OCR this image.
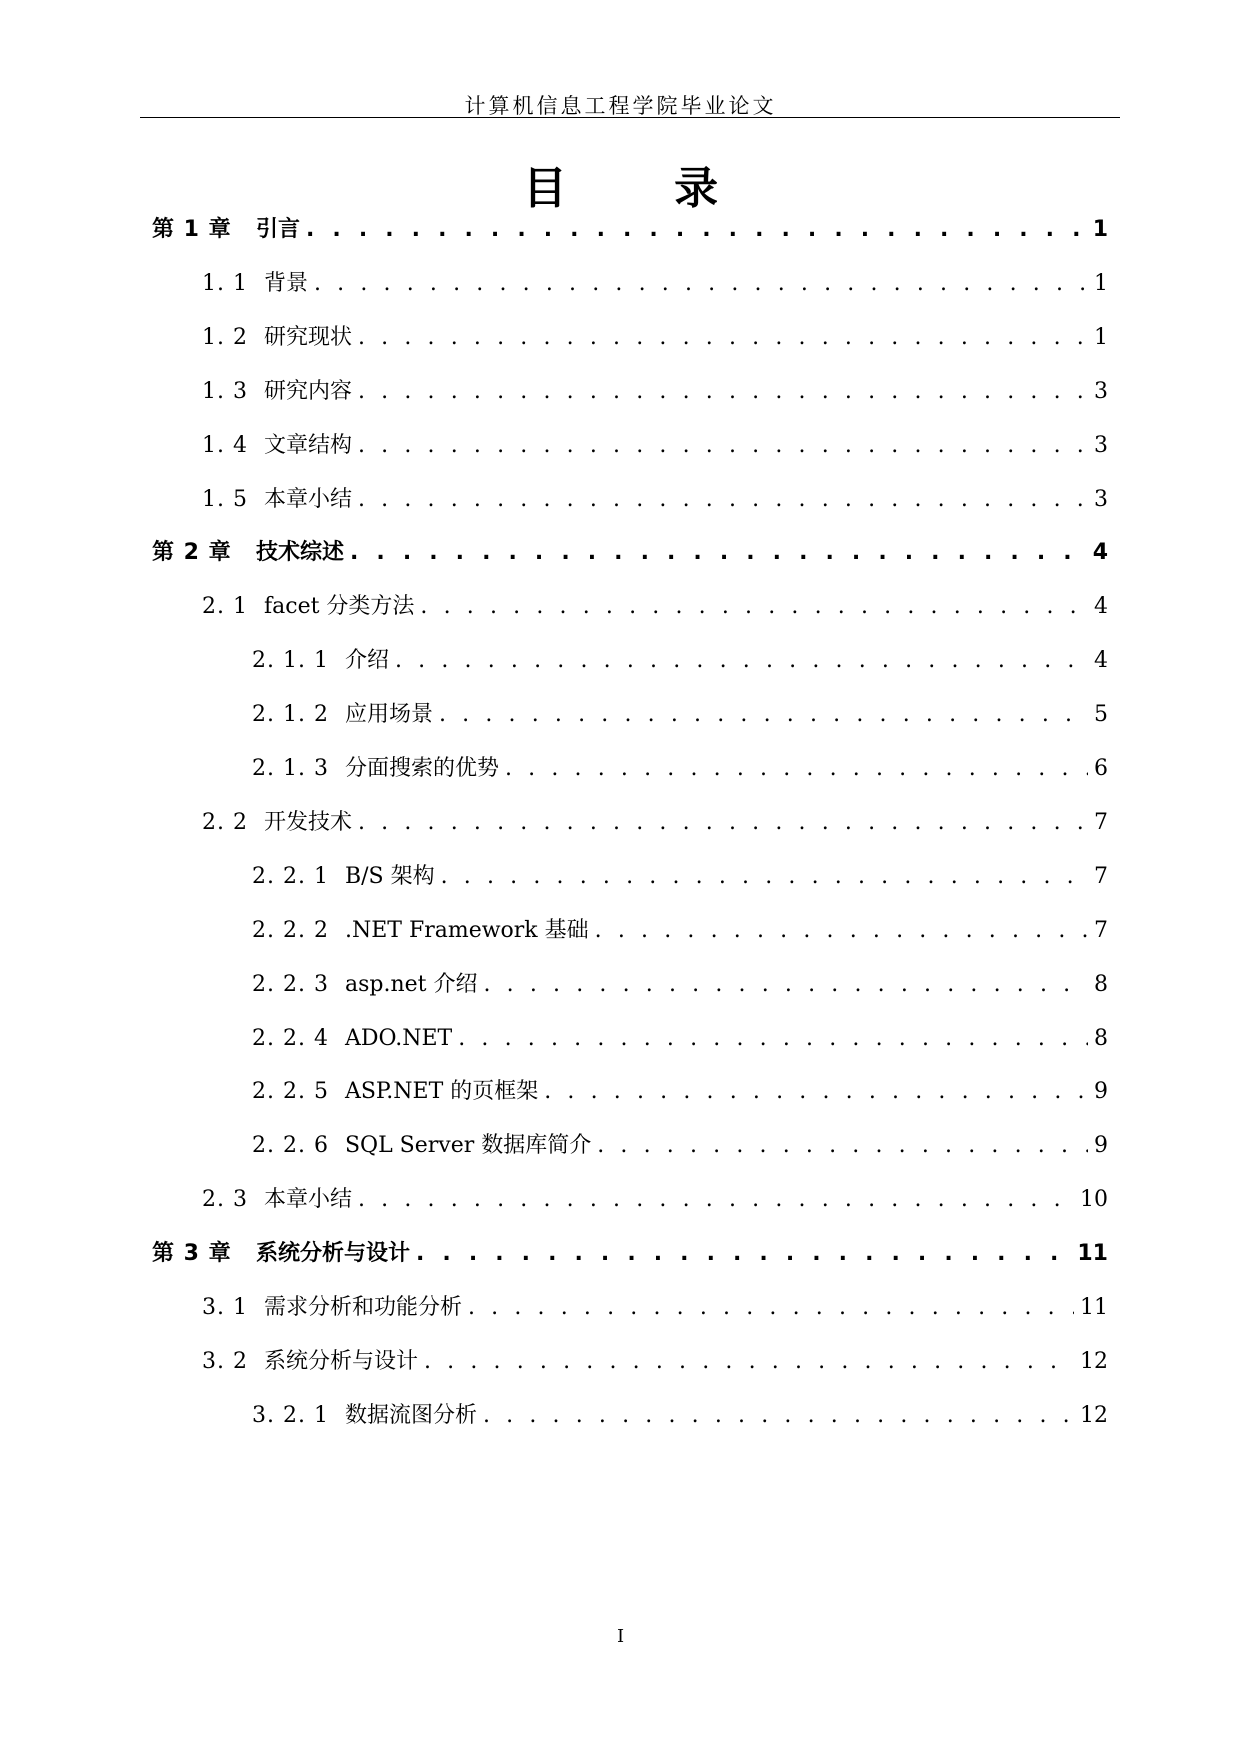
计算机信息工程学院毕业论文
目 录
第 1 章	引言 . . .	1
1. 1 背景 . . .	1
1. 2 研究现状 . . .	1
1. 3 研究内容 . . .	3
1. 4 文章结构 . . .	3
1. 5 本章小结 . . .	3
第 2 章	技术综述 . . .	4
2. 1 facet 分类方法 . . .	4
2. 1. 1 介绍 . . .	4
2. 1. 2 应用场景 . . .	5
2. 1. 3 分面搜索的优势 . . .	6
2. 2 开发技术 . . .	7
2. 2. 1 B/S 架构 . . .	7
2. 2. 2 .NET Framework 基础 . . .	7
2. 2. 3 asp.net 介绍 . . .	8
2. 2. 4 ADO.NET . . .	8
2. 2. 5 ASP.NET 的页框架 . . .	9
2. 2. 6 SQL Server 数据库简介 . . .	9
2. 3 本章小结 . . .	10
第 3 章	系统分析与设计 . . .	11
3. 1 需求分析和功能分析 . . .	11
3. 2 系统分析与设计 . . .	12
3. 2. 1 数据流图分析 . . .	12
I
